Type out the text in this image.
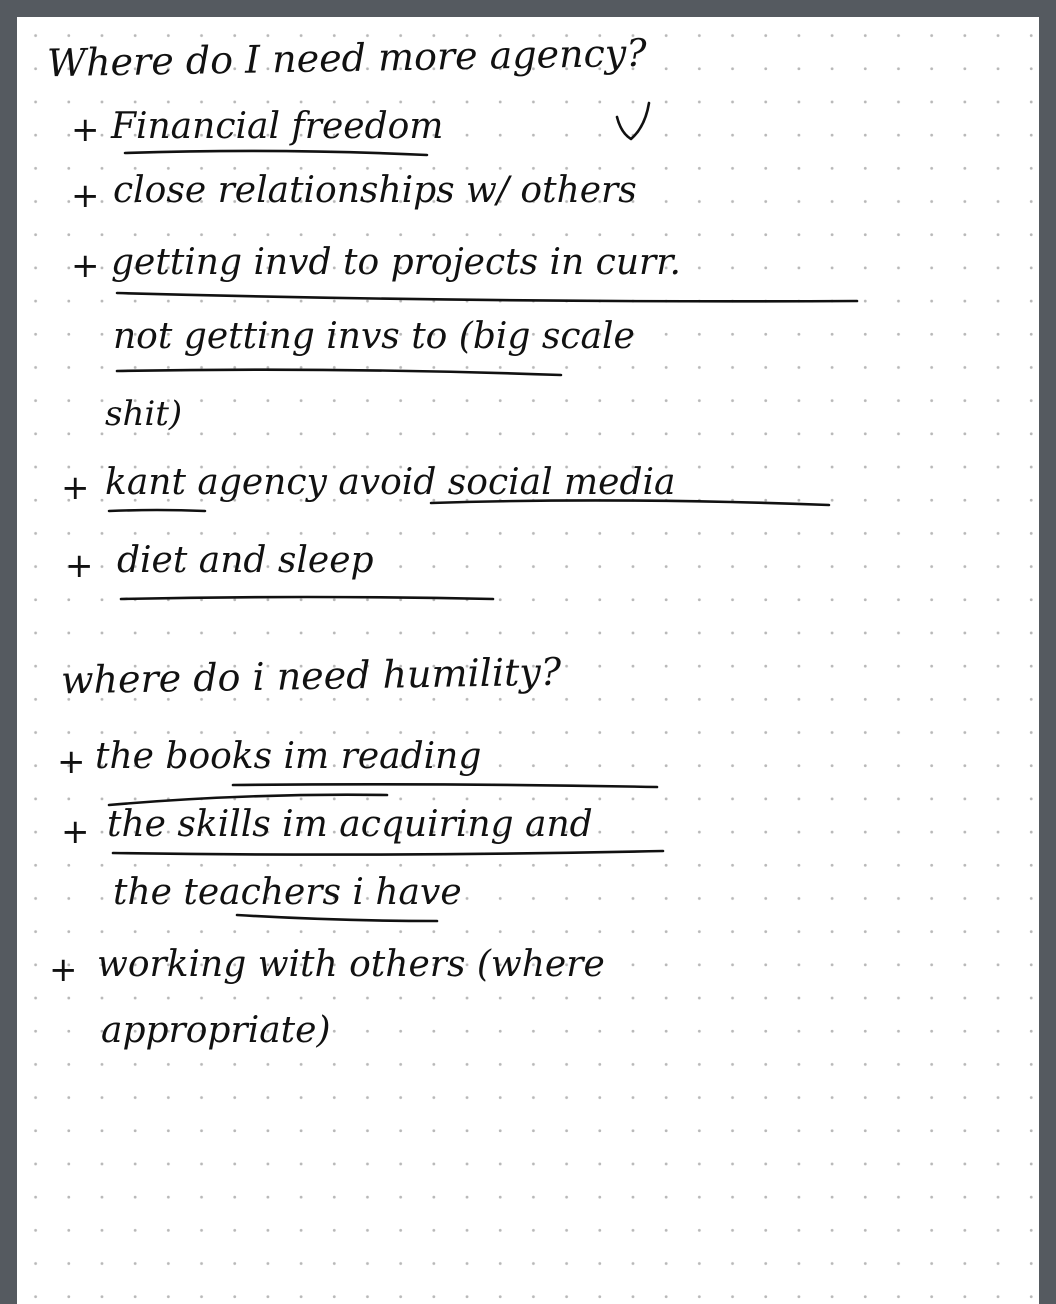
Where do I need more agency?
+ Financial freedom
+ close relationships w/ others
+ getting invd to projects in curr.
not getting invs to (big scale
shit)
+ kant agency avoid social media
+ diet and sleep
where do i need humility?
+ the books im reading
+ the skills im acquiring and
the teachers i have
+ working with others (where
appropriate)
